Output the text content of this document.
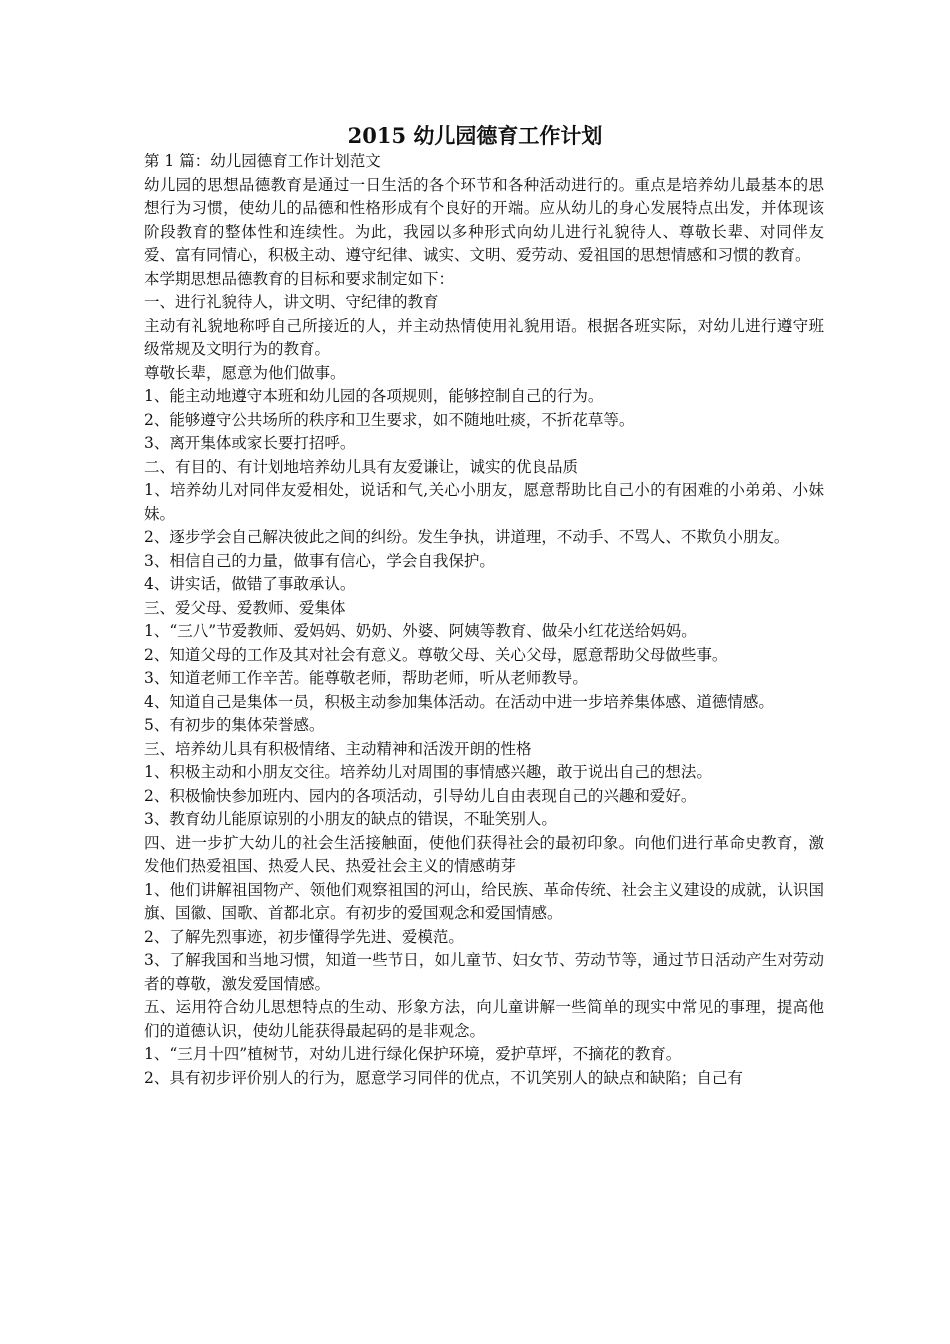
2015 幼儿园德育工作计划

第 1 篇：幼儿园德育工作计划范文

幼儿园的思想品德教育是通过一日生活的各个环节和各种活动进行的。重点是培养幼儿最基本的思想行为习惯，使幼儿的品德和性格形成有个良好的开端。应从幼儿的身心发展特点出发，并体现该阶段教育的整体性和连续性。为此，我园以多种形式向幼儿进行礼貌待人、尊敬长辈、对同伴友爱、富有同情心，积极主动、遵守纪律、诚实、文明、爱劳动、爱祖国的思想情感和习惯的教育。

本学期思想品德教育的目标和要求制定如下：

一、进行礼貌待人，讲文明、守纪律的教育

主动有礼貌地称呼自己所接近的人，并主动热情使用礼貌用语。根据各班实际，对幼儿进行遵守班级常规及文明行为的教育。

尊敬长辈，愿意为他们做事。

1、能主动地遵守本班和幼儿园的各项规则，能够控制自己的行为。

2、能够遵守公共场所的秩序和卫生要求，如不随地吐痰，不折花草等。

3、离开集体或家长要打招呼。

二、有目的、有计划地培养幼儿具有友爱谦让，诚实的优良品质

1、培养幼儿对同伴友爱相处，说话和气,关心小朋友，愿意帮助比自己小的有困难的小弟弟、小妹妹。

2、逐步学会自己解决彼此之间的纠纷。发生争执，讲道理，不动手、不骂人、不欺负小朋友。

3、相信自己的力量，做事有信心，学会自我保护。

4、讲实话，做错了事敢承认。

三、爱父母、爱教师、爱集体

1、“三八”节爱教师、爱妈妈、奶奶、外婆、阿姨等教育、做朵小红花送给妈妈。

2、知道父母的工作及其对社会有意义。尊敬父母、关心父母，愿意帮助父母做些事。

3、知道老师工作辛苦。能尊敬老师，帮助老师，听从老师教导。

4、知道自己是集体一员，积极主动参加集体活动。在活动中进一步培养集体感、道德情感。

5、有初步的集体荣誉感。

三、培养幼儿具有积极情绪、主动精神和活泼开朗的性格

1、积极主动和小朋友交往。培养幼儿对周围的事情感兴趣，敢于说出自己的想法。

2、积极愉快参加班内、园内的各项活动，引导幼儿自由表现自己的兴趣和爱好。

3、教育幼儿能原谅别的小朋友的缺点的错误，不耻笑别人。

四、进一步扩大幼儿的社会生活接触面，使他们获得社会的最初印象。向他们进行革命史教育，激发他们热爱祖国、热爱人民、热爱社会主义的情感萌芽

1、他们讲解祖国物产、领他们观察祖国的河山，给民族、革命传统、社会主义建设的成就，认识国旗、国徽、国歌、首都北京。有初步的爱国观念和爱国情感。

2、了解先烈事迹，初步懂得学先进、爱模范。

3、了解我国和当地习惯，知道一些节日，如儿童节、妇女节、劳动节等，通过节日活动产生对劳动者的尊敬，激发爱国情感。

五、运用符合幼儿思想特点的生动、形象方法，向儿童讲解一些简单的现实中常见的事理，提高他们的道德认识，使幼儿能获得最起码的是非观念。

1、“三月十四”植树节，对幼儿进行绿化保护环境，爱护草坪，不摘花的教育。

2、具有初步评价别人的行为，愿意学习同伴的优点，不讥笑别人的缺点和缺陷；自己有
